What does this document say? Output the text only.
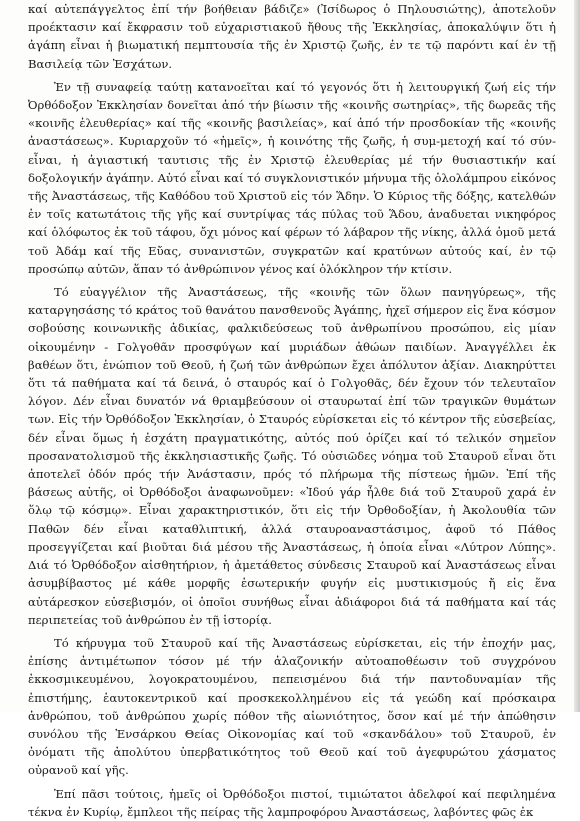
καί αὐτεπάγγελτος ἐπί τήν βοήθειαν βάδιζε» (Ἰσίδωρος ὁ Πηλουσιώτης), ἀποτελοῦν προέκτασιν καί ἔκφρασιν τοῦ εὐχαριστιακοῦ ἤθους τῆς Ἐκκλησίας, ἀποκαλύψιν ὅτι ἡ ἀγάπη εἶναι ἡ βιωματική πεμπτουσία τῆς ἐν Χριστῷ ζωῆς, ἐν τε τῷ παρόντι καί ἐν τῇ Βασιλείᾳ τῶν Ἐσχάτων.

Ἐν τῇ συναφείᾳ ταύτῃ κατανοεῖται καί τό γεγονός ὅτι ἡ λειτουργική ζωή εἰς τήν Ὀρθόδοξον Ἐκκλησίαν δονεῖται ἀπό τήν βίωσιν τῆς «κοινῆς σωτηρίας», τῆς δωρεᾶς τῆς «κοινῆς ἐλευθερίας» καί τῆς «κοινῆς βασιλείας», καί ἀπό τήν προσδοκίαν τῆς «κοινῆς ἀναστάσεως». Κυριαρχοῦν τό «ἡμεῖς», ἡ κοινότης τῆς ζωῆς, ἡ συμ-μετοχή καί τό σύν-εἶναι, ἡ ἁγιαστική ταυτισις τῆς ἐν Χριστῷ ἐλευθερίας μέ τήν θυσιαστικήν καί δοξολογικήν ἀγάπην. Αὐτό εἶναι καί τό συγκλονιστικόν μήνυμα τῆς ὁλολάμπρου εἰκόνος τῆς Ἀναστάσεως, τῆς Καθόδου τοῦ Χριστοῦ εἰς τόν Ἅδην. Ὁ Κύριος τῆς δόξης, κατελθών ἐν τοῖς κατωτάτοις τῆς γῆς καί συντρίψας τάς πύλας τοῦ Ἅδου, ἀναδυεται νικηφόρος καί ὁλόφωτος ἐκ τοῦ τάφου, ὄχι μόνος καί φέρων τό λάβαρον τῆς νίκης, ἀλλά ὁμοῦ μετά τοῦ Ἀδάμ καί τῆς Εὔας, συνανιστῶν, συγκρατῶν καί κρατύνων αὐτούς καί, ἐν τῷ προσώπῳ αὐτῶν, ἅπαν τό ἀνθρώπινον γένος καί ὁλόκληρον τήν κτίσιν.

Τό εὐαγγέλιον τῆς Ἀναστάσεως, τῆς «κοινῆς τῶν ὅλων πανηγύρεως», τῆς καταργησάσης τό κράτος τοῦ θανάτου πανσθενοῦς Ἀγάπης, ἠχεῖ σήμερον εἰς ἕνα κόσμον σοβούσης κοινωνικῆς ἀδικίας, φαλκιδεύσεως τοῦ ἀνθρωπίνου προσώπου, εἰς μίαν οἰκουμένην - Γολγοθᾶν προσφύγων καί μυριάδων ἀθώων παιδίων. Ἀναγγέλλει ἐκ βαθέων ὅτι, ἑνώπιον τοῦ Θεοῦ, ἡ ζωή τῶν ἀνθρώπων ἔχει ἀπόλυτον ἀξίαν. Διακηρύττει ὅτι τά παθήματα καί τά δεινά, ὁ σταυρός καί ὁ Γολγοθᾶς, δέν ἔχουν τόν τελευταῖον λόγον. Δέν εἶναι δυνατόν νά θριαμβεύσουν οἱ σταυρωταί ἐπί τῶν τραγικῶν θυμάτων των. Εἰς τήν Ὀρθόδοξον Ἐκκλησίαν, ὁ Σταυρός εὑρίσκεται εἰς τό κέντρον τῆς εὐσεβείας, δέν εἶναι ὅμως ἡ ἐσχάτη πραγματικότης, αὐτός πού ὁρίζει καί τό τελικόν σημεῖον προσανατολισμοῦ τῆς ἐκκλησιαστικῆς ζωῆς. Τό οὐσιῶδες νόημα τοῦ Σταυροῦ εἶναι ὅτι ἀποτελεῖ ὁδόν πρός τήν Ἀνάστασιν, πρός τό πλήρωμα τῆς πίστεως ἡμῶν. Ἐπί τῆς βάσεως αὐτῆς, οἱ Ὀρθόδοξοι ἀναφωνοῦμεν: «Ἰδού γάρ ἦλθε διά τοῦ Σταυροῦ χαρά ἐν ὅλῳ τῷ κόσμῳ». Εἶναι χαρακτηριστικόν, ὅτι εἰς τήν Ὀρθοδοξίαν, ἡ Ἀκολουθία τῶν Παθῶν δέν εἶναι καταθλιπτική, ἀλλά σταυροαναστάσιμος, ἀφοῦ τό Πάθος προσεγγίζεται καί βιοῦται διά μέσου τῆς Ἀναστάσεως, ἡ ὁποία εἶναι «Λύτρον Λύπης». Διά τό Ὀρθόδοξον αἰσθητήριον, ἡ ἀμετάθετος σύνδεσις Σταυροῦ καί Ἀναστάσεως εἶναι ἀσυμβίβαστος μέ κάθε μορφῆς ἐσωτερικήν φυγήν εἰς μυστικισμούς ἤ εἰς ἕνα αὐτάρεσκον εὐσεβισμόν, οἱ ὁποῖοι συνήθως εἶναι ἀδιάφοροι διά τά παθήματα καί τάς περιπετείας τοῦ ἀνθρώπου ἐν τῇ ἱστορίᾳ.

Τό κήρυγμα τοῦ Σταυροῦ καί τῆς Ἀναστάσεως εὑρίσκεται, εἰς τήν ἐποχήν μας, ἐπίσης ἀντιμέτωπον τόσον μέ τήν ἀλαζονικήν αὐτοαποθέωσιν τοῦ συγχρόνου ἐκκοσμικευμένου, λογοκρατουμένου, πεπεισμένου διά τήν παντοδυναμίαν τῆς ἐπιστήμης, ἑαυτοκεντρικοῦ καί προσκεκολλημένου εἰς τά γεώδη καί πρόσκαιρα ἀνθρώπου, τοῦ ἀνθρώπου χωρίς πόθον τῆς αἰωνιότητος, ὅσον καί μέ τήν ἀπώθησιν συνόλου τῆς Ἐνσάρκου Θείας Οἰκονομίας καί τοῦ «σκανδάλου» τοῦ Σταυροῦ, ἐν ὀνόματι τῆς ἀπολύτου ὑπερβατικότητος τοῦ Θεοῦ καί τοῦ ἀγεφυρώτου χάσματος οὐρανοῦ καί γῆς.

Ἐπί πᾶσι τούτοις, ἡμεῖς οἱ Ὀρθόδοξοι πιστοί, τιμιώτατοι ἀδελφοί καί πεφιλημένα τέκνα ἐν Κυρίῳ, ἔμπλεοι τῆς πείρας τῆς λαμπροφόρου Ἀναστάσεως, λαβόντες φῶς ἐκ
